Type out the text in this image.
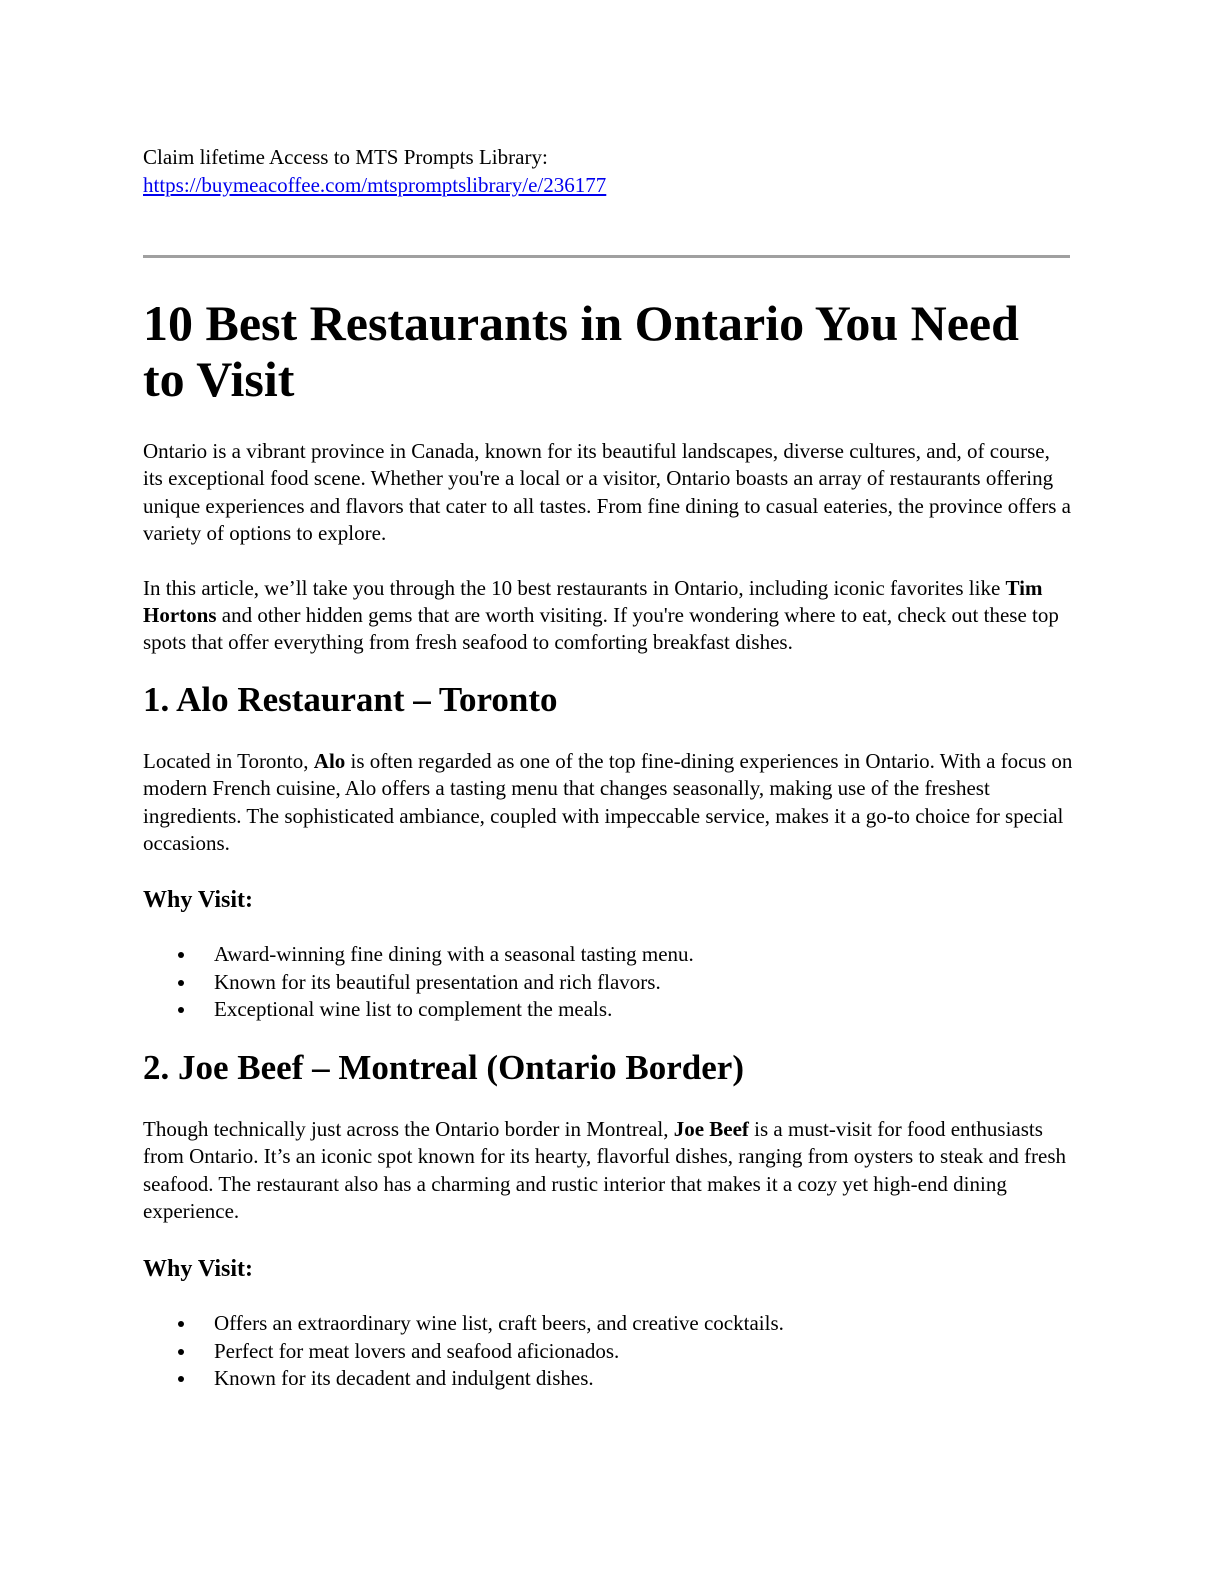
Claim lifetime Access to MTS Prompts Library:
https://buymeacoffee.com/mtspromptslibrary/e/236177

10 Best Restaurants in Ontario You Need to Visit

Ontario is a vibrant province in Canada, known for its beautiful landscapes, diverse cultures, and, of course, its exceptional food scene. Whether you're a local or a visitor, Ontario boasts an array of restaurants offering unique experiences and flavors that cater to all tastes. From fine dining to casual eateries, the province offers a variety of options to explore.

In this article, we’ll take you through the 10 best restaurants in Ontario, including iconic favorites like Tim Hortons and other hidden gems that are worth visiting. If you're wondering where to eat, check out these top spots that offer everything from fresh seafood to comforting breakfast dishes.

1. Alo Restaurant – Toronto

Located in Toronto, Alo is often regarded as one of the top fine-dining experiences in Ontario. With a focus on modern French cuisine, Alo offers a tasting menu that changes seasonally, making use of the freshest ingredients. The sophisticated ambiance, coupled with impeccable service, makes it a go-to choice for special occasions.

Why Visit:
Award-winning fine dining with a seasonal tasting menu.
Known for its beautiful presentation and rich flavors.
Exceptional wine list to complement the meals.
2. Joe Beef – Montreal (Ontario Border)

Though technically just across the Ontario border in Montreal, Joe Beef is a must-visit for food enthusiasts from Ontario. It’s an iconic spot known for its hearty, flavorful dishes, ranging from oysters to steak and fresh seafood. The restaurant also has a charming and rustic interior that makes it a cozy yet high-end dining experience.

Why Visit:
Offers an extraordinary wine list, craft beers, and creative cocktails.
Perfect for meat lovers and seafood aficionados.
Known for its decadent and indulgent dishes.
